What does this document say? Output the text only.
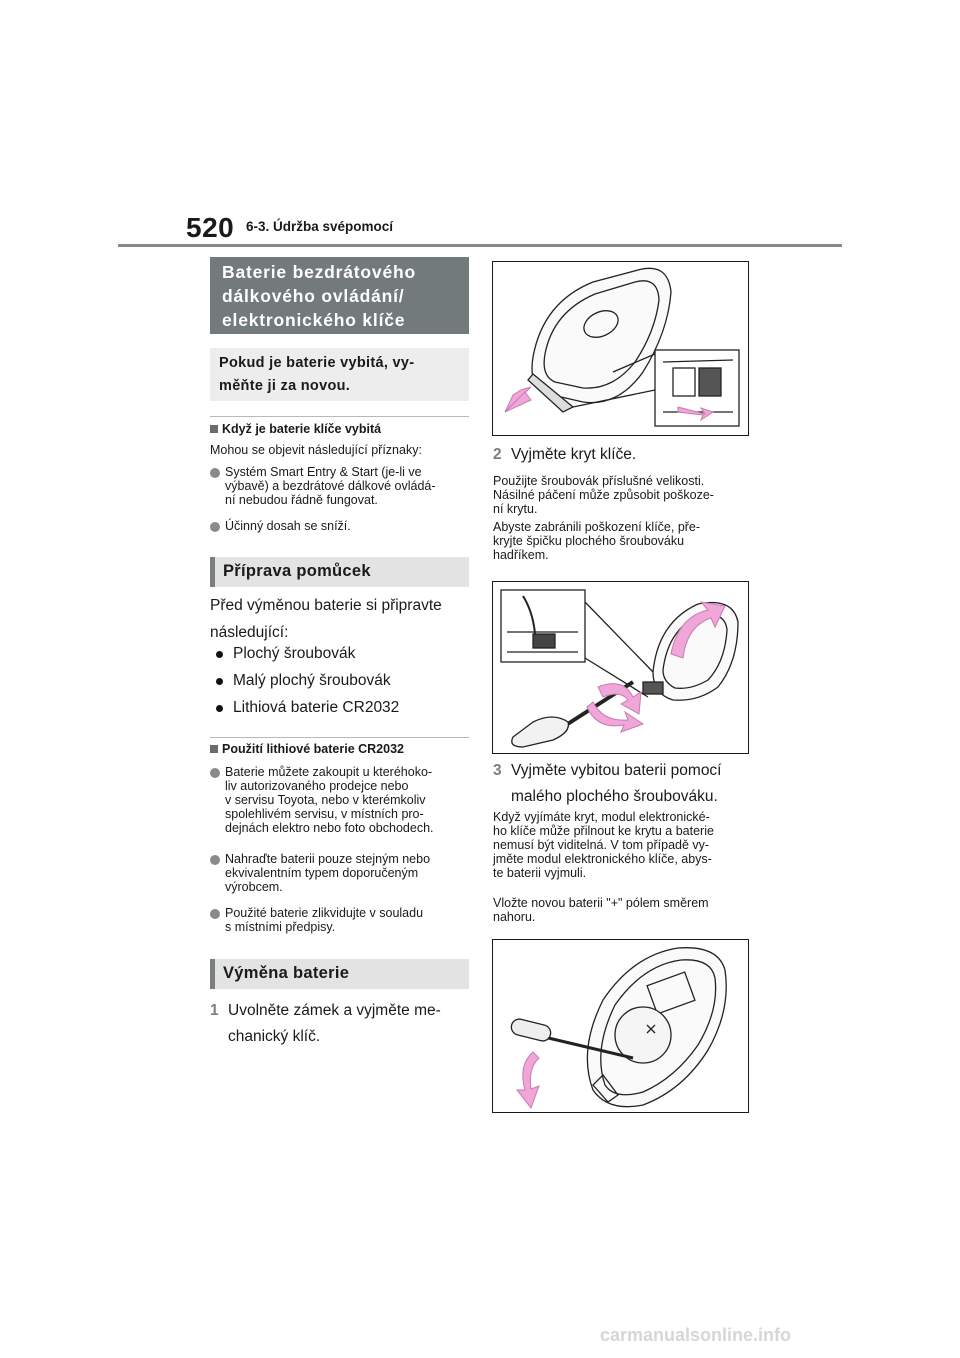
520 6-3. Údržba svépomocí
Baterie bezdrátového
dálkového ovládání/
elektronického klíče
Pokud je baterie vybitá, vy-
měňte ji za novou.
Když je baterie klíče vybitá
Mohou se objevit následující příznaky:
Systém Smart Entry & Start (je-li ve
výbavě) a bezdrátové dálkové ovládá-
ní nebudou řádně fungovat.
Účinný dosah se sníží.
Příprava pomůcek
Před výměnou baterie si připravte
následující:
Plochý šroubovák
Malý plochý šroubovák
Lithiová baterie CR2032
Použití lithiové baterie CR2032
Baterie můžete zakoupit u kteréhoko-
liv autorizovaného prodejce nebo
v servisu Toyota, nebo v kterémkoliv
spolehlivém servisu, v místních pro-
dejnách elektro nebo foto obchodech.
Nahraďte baterii pouze stejným nebo
ekvivalentním typem doporučeným
výrobcem.
Použité baterie zlikvidujte v souladu
s místními předpisy.
Výměna baterie
1 Uvolněte zámek a vyjměte me-
chanický klíč.
2 Vyjměte kryt klíče.
Použijte šroubovák příslušné velikosti.
Násilné páčení může způsobit poškoze-
ní krytu.
Abyste zabránili poškození klíče, pře-
kryjte špičku plochého šroubováku
hadříkem.
3 Vyjměte vybitou baterii pomocí
malého plochého šroubováku.
Když vyjímáte kryt, modul elektronické-
ho klíče může přilnout ke krytu a baterie
nemusí být viditelná. V tom případě vy-
jměte modul elektronického klíče, abys-
te baterii vyjmuli.
Vložte novou baterii "+" pólem směrem
nahoru.
carmanualsonline.info
